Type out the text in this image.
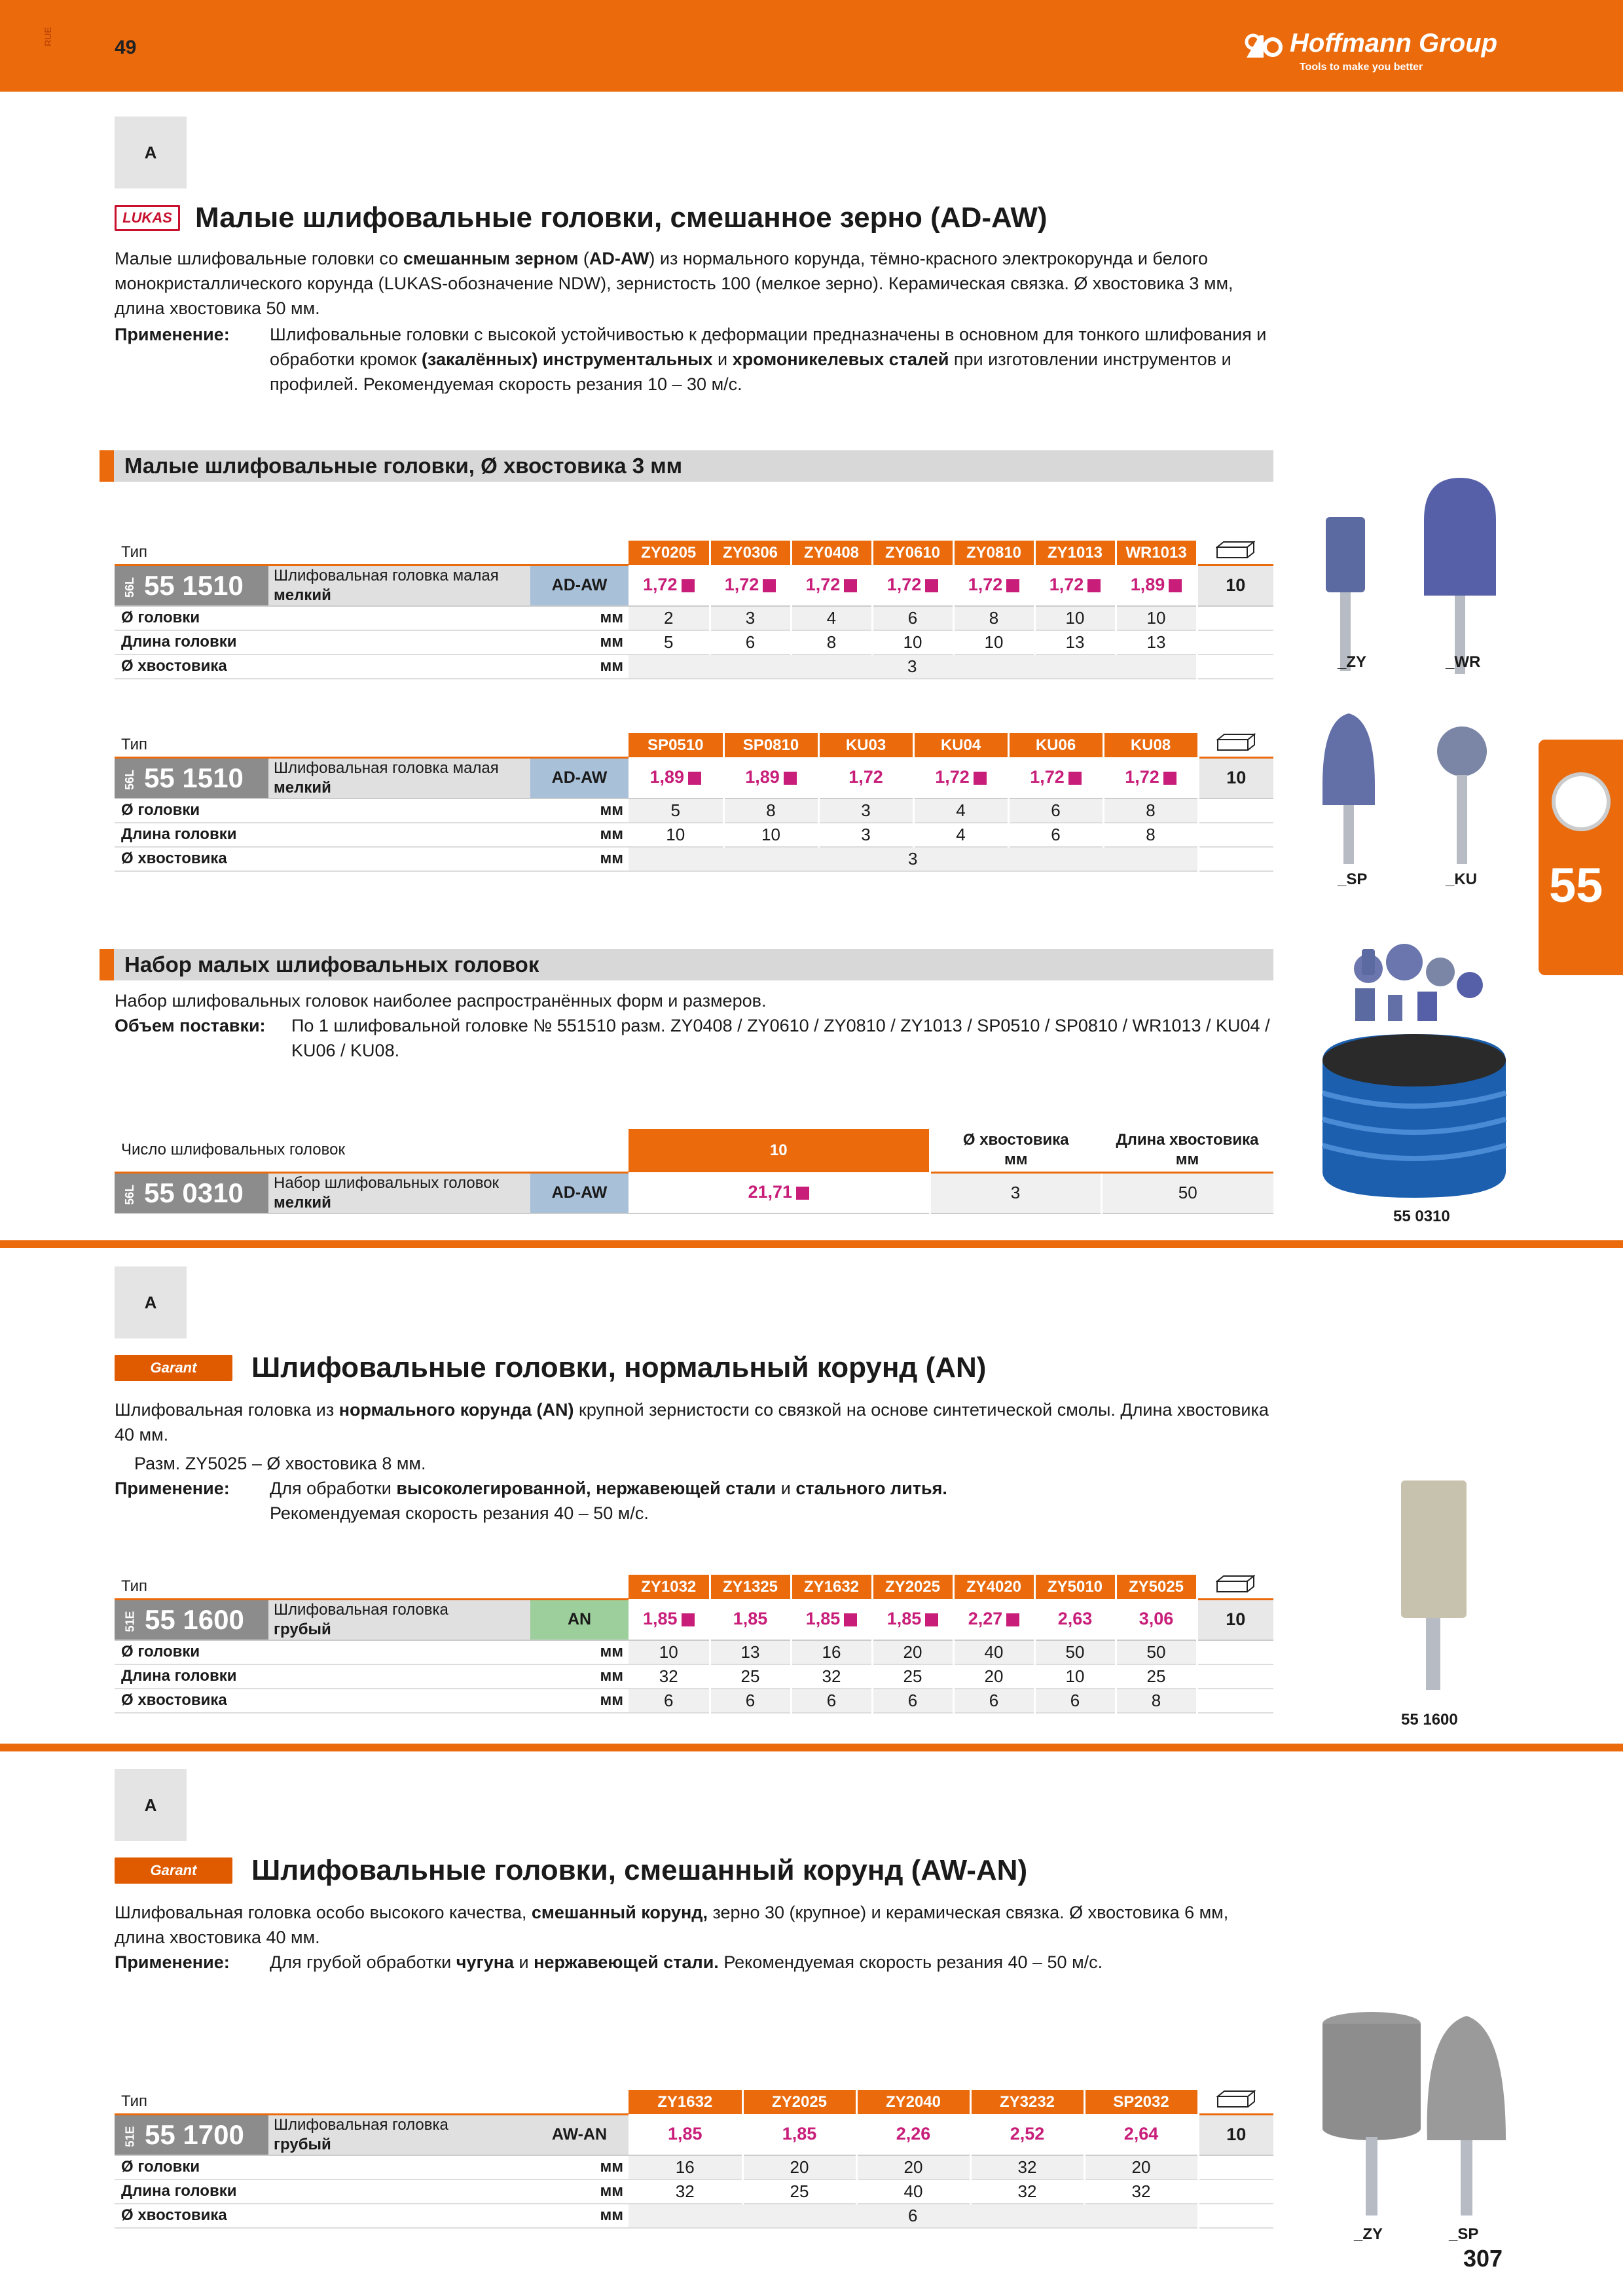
RUE	49	Hoffmann Group
Tools to make you better
55
A
LUKAS Малые шлифовальные головки, смешанное зерно (AD-AW)

Малые шлифовальные головки со смешанным зерном (AD-AW) из нормального корунда, тёмно-красного электрокорунда и белого монокристаллического корунда (LUKAS-обозначение NDW), зернистость 100 (мелкое зерно). Керамическая связка. Ø хвостовика 3 мм, длина хвостовика 50 мм.

Применение:	Шлифовальные головки с высокой устойчивостью к деформации предназначены в основном для тонкого шлифования и обработки кромок (закалённых) инструментальных и хромоникелевых сталей при изготовлении инструментов и профилей. Рекомендуемая скорость резания 10 – 30 м/с.

Малые шлифовальные головки, Ø хвостовика 3 мм
Тип			ZY0205	ZY0306	ZY0408	ZY0610	ZY0810	ZY1013	WR1013	
56L 55 1510	Шлифовальная головка малая
мелкий	AD-AW	1,72	1,72	1,72	1,72	1,72	1,72	1,89	10
Ø головки		мм	2	3	4	6	8	10	10	
Длина головки		мм	5	6	8	10	10	13	13	
Ø хвостовика		мм	3							
Тип			SP0510	SP0810	KU03	KU04	KU06	KU08	
56L 55 1510	Шлифовальная головка малая
мелкий	AD-AW	1,89	1,89	1,72	1,72	1,72	1,72	10
Ø головки		мм	5	8	3	4	6	8	
Длина головки		мм	10	10	3	4	6	8	
Ø хвостовика		мм	3						
_ZY	_WR
_SP	_KU
Набор малых шлифовальных головок

Набор шлифовальных головок наиболее распространённых форм и размеров.

Объем поставки:	По 1 шлифовальной головке № 551510 разм. ZY0408 / ZY0610 / ZY0810 / ZY1013 / SP0510 / SP0810 / WR1013 / KU04 / KU06 / KU08.

Число шлифовальных головок			10	Ø хвостовика
мм	Длина хвостовика
мм
56L 55 0310	Набор шлифовальных головок
мелкий	AD-AW	21,71	3	50
55 0310
A
Garant	Шлифовальные головки, нормальный корунд (AN)

Шлифовальная головка из нормального корунда (AN) крупной зернистости со связкой на основе синтетической смолы. Длина хвостовика 40 мм.

Разм. ZY5025 – Ø хвостовика 8 мм.

Применение:	Для обработки высоколегированной, нержавеющей стали и стального литья.

Рекомендуемая скорость резания 40 – 50 м/с.

Тип			ZY1032	ZY1325	ZY1632	ZY2025	ZY4020	ZY5010	ZY5025	
51E 55 1600	Шлифовальная головка
грубый	AN	1,85	1,85	1,85	1,85	2,27	2,63	3,06	10
Ø головки		мм	10	13	16	20	40	50	50	
Длина головки		мм	32	25	32	25	20	10	25	
Ø хвостовика		мм	6	6	6	6	6	6	8	
55 1600
A
Garant	Шлифовальные головки, смешанный корунд (AW-AN)

Шлифовальная головка особо высокого качества, смешанный корунд, зерно 30 (крупное) и керамическая связка. Ø хвостовика 6 мм, длина хвостовика 40 мм.

Применение:	Для грубой обработки чугуна и нержавеющей стали. Рекомендуемая скорость резания 40 – 50 м/с.

Тип			ZY1632	ZY2025	ZY2040	ZY3232	SP2032	
51E 55 1700	Шлифовальная головка
грубый	AW-AN	1,85	1,85	2,26	2,52	2,64	10
Ø головки		мм	16	20	20	32	20	
Длина головки		мм	32	25	40	32	32	
Ø хвостовика		мм	6					
_ZY	_SP
307
